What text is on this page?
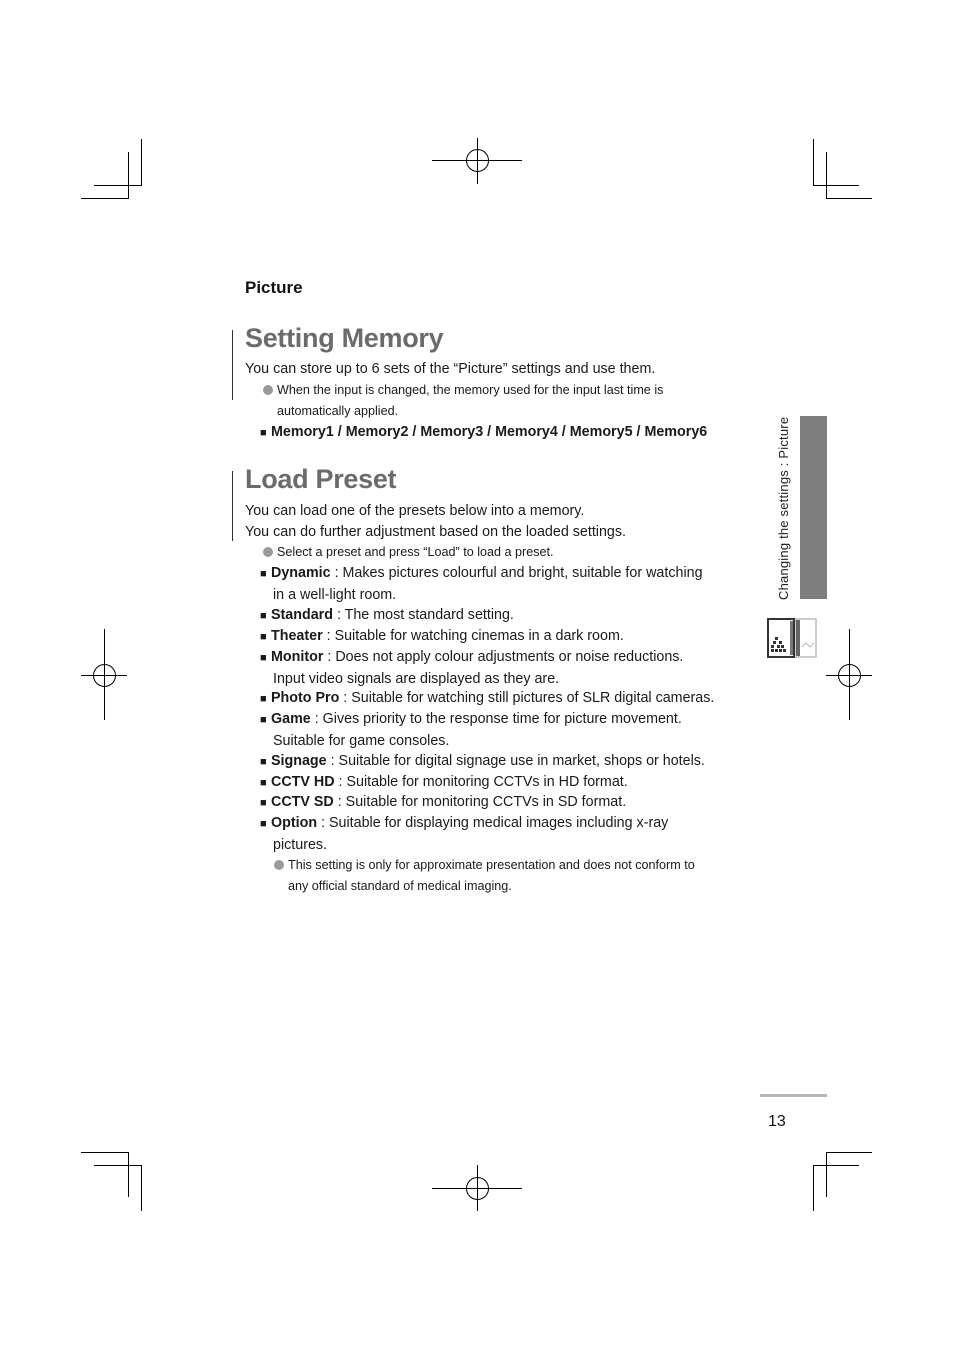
Picture
Setting Memory
You can store up to 6 sets of the “Picture” settings and use them.
When the input is changed, the memory used for the input last time is
automatically applied.
■ Memory1 / Memory2 / Memory3 / Memory4 / Memory5 / Memory6
Load Preset
You can load one of the presets below into a memory.
You can do further adjustment based on the loaded settings.
Select a preset and press “Load” to load a preset.
■ Dynamic : Makes pictures colourful and bright, suitable for watching
in a well-light room.
■ Standard : The most standard setting.
■ Theater : Suitable for watching cinemas in a dark room.
■ Monitor : Does not apply colour adjustments or noise reductions.
Input video signals are displayed as they are.
■ Photo Pro : Suitable for watching still pictures of SLR digital cameras.
■ Game : Gives priority to the response time for picture movement.
Suitable for game consoles.
■ Signage : Suitable for digital signage use in market, shops or hotels.
■ CCTV HD : Suitable for monitoring CCTVs in HD format.
■ CCTV SD : Suitable for monitoring CCTVs in SD format.
■ Option : Suitable for displaying medical images including x-ray
pictures.
This setting is only for approximate presentation and does not conform to
any official standard of medical imaging.
Changing the settings : Picture
13
